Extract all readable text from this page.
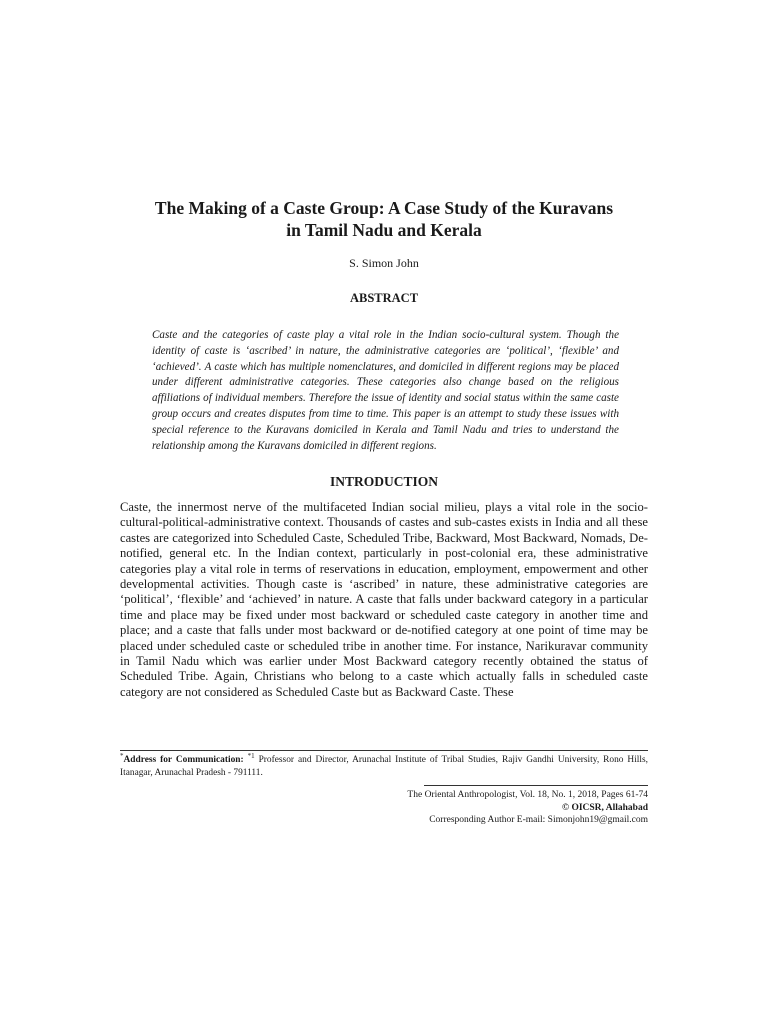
The Making of a Caste Group: A Case Study of the Kuravans
in Tamil Nadu and Kerala
S. Simon John
ABSTRACT

Caste and the categories of caste play a vital role in the Indian socio-cultural system. Though the identity of caste is ‘ascribed’ in nature, the administrative categories are ‘political’, ‘flexible’ and ‘achieved’. A caste which has multiple nomenclatures, and domiciled in different regions may be placed under different administrative categories. These categories also change based on the religious affiliations of individual members. Therefore the issue of identity and social status within the same caste group occurs and creates disputes from time to time. This paper is an attempt to study these issues with special reference to the Kuravans domiciled in Kerala and Tamil Nadu and tries to understand the relationship among the Kuravans domiciled in different regions.

INTRODUCTION

Caste, the innermost nerve of the multifaceted Indian social milieu, plays a vital role in the socio-cultural-political-administrative context. Thousands of castes and sub-castes exists in India and all these castes are categorized into Scheduled Caste, Scheduled Tribe, Backward, Most Backward, Nomads, De-notified, general etc. In the Indian context, particularly in post-colonial era, these administrative categories play a vital role in terms of reservations in education, employment, empowerment and other developmental activities. Though caste is ‘ascribed’ in nature, these administrative categories are ‘political’, ‘flexible’ and ‘achieved’ in nature. A caste that falls under backward category in a particular time and place may be fixed under most backward or scheduled caste category in another time and place; and a caste that falls under most backward or de-notified category at one point of time may be placed under scheduled caste or scheduled tribe in another time. For instance, Narikuravar community in Tamil Nadu which was earlier under Most Backward category recently obtained the status of Scheduled Tribe. Again, Christians who belong to a caste which actually falls in scheduled caste category are not considered as Scheduled Caste but as Backward Caste. These

*Address for Communication: $^{*1}$ Professor and Director, Arunachal Institute of Tribal Studies, Rajiv Gandhi University, Rono Hills, Itanagar, Arunachal Pradesh - 791111.

The Oriental Anthropologist, Vol. 18, No. 1, 2018, Pages 61-74
© OICSR, Allahabad
Corresponding Author E-mail: Simonjohn19@gmail.com
